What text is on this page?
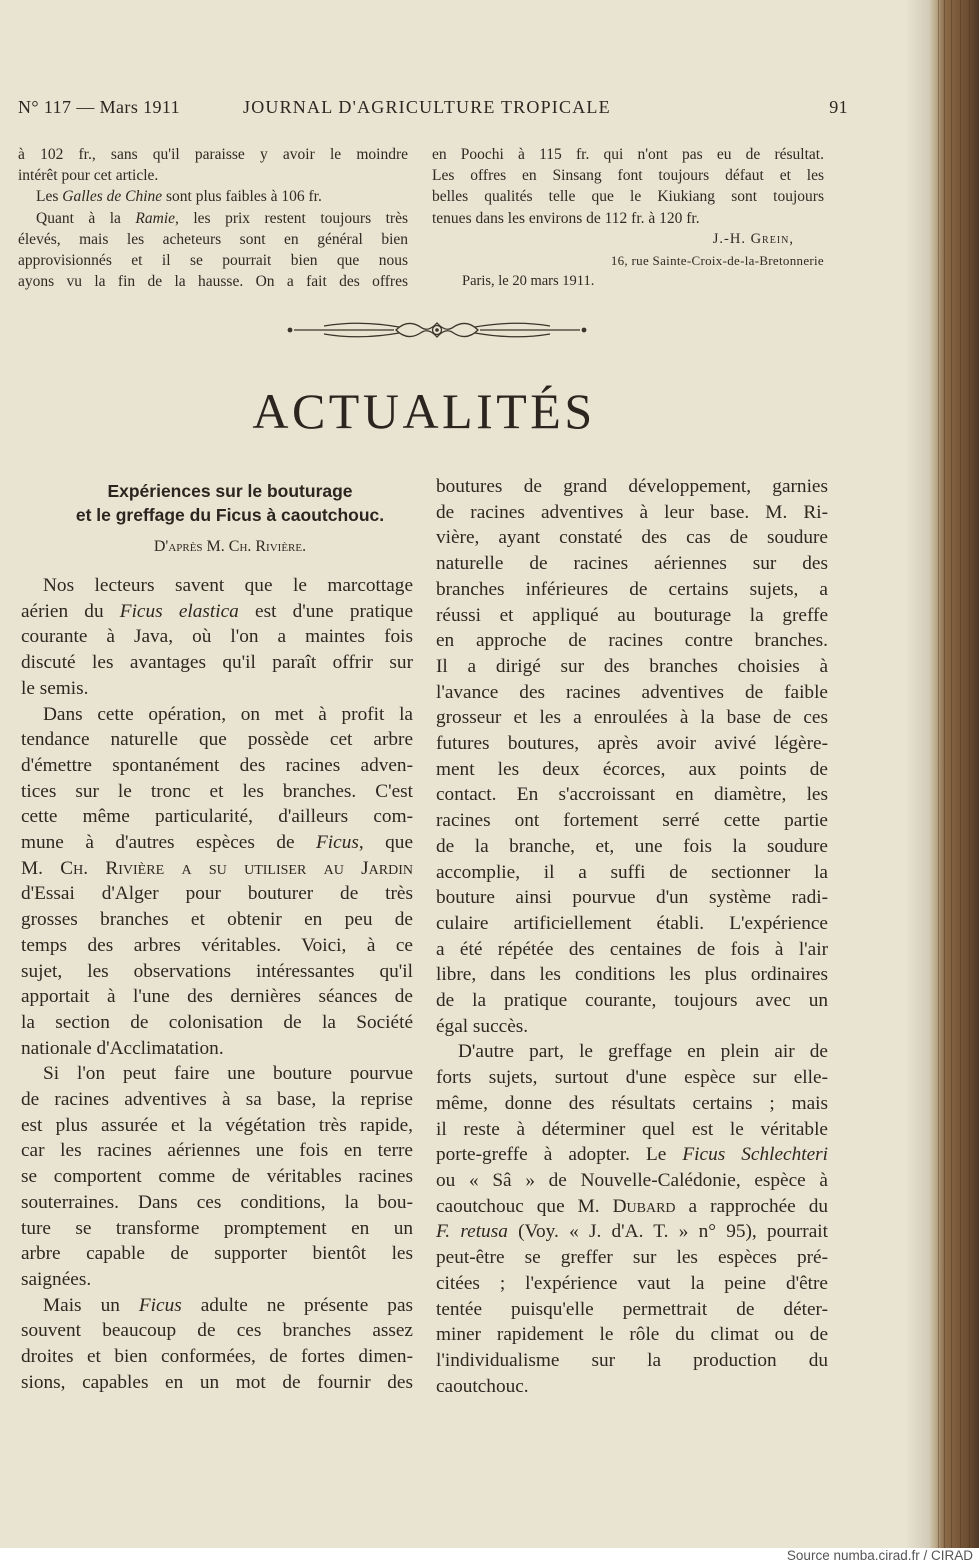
N° 117 — Mars 1911	JOURNAL D'AGRICULTURE TROPICALE	91

à 102 fr., sans qu'il paraisse y avoir le moindre

intérêt pour cet article.

Les Galles de Chine sont plus faibles à 106 fr.

Quant à la Ramie, les prix restent toujours très

élevés, mais les acheteurs sont en général bien

approvisionnés et il se pourrait bien que nous

ayons vu la fin de la hausse. On a fait des offres

en Poochi à 115 fr. qui n'ont pas eu de résultat.

Les offres en Sinsang font toujours défaut et les

belles qualités telle que le Kiukiang sont toujours

tenues dans les environs de 112 fr. à 120 fr.

J.-H. Grein,

16, rue Sainte-Croix-de-la-Bretonnerie

Paris, le 20 mars 1911.

ACTUALITÉS
Expériences sur le bouturage
et le greffage du Ficus à caoutchouc.
D'après M. Ch. Rivière.

Nos lecteurs savent que le marcottage

aérien du Ficus elastica est d'une pratique

courante à Java, où l'on a maintes fois

discuté les avantages qu'il paraît offrir sur

le semis.

Dans cette opération, on met à profit la

tendance naturelle que possède cet arbre

d'émettre spontanément des racines adven-

tices sur le tronc et les branches. C'est

cette même particularité, d'ailleurs com-

mune à d'autres espèces de Ficus, que

M. Ch. Rivière a su utiliser au Jardin

d'Essai d'Alger pour bouturer de très

grosses branches et obtenir en peu de

temps des arbres véritables. Voici, à ce

sujet, les observations intéressantes qu'il

apportait à l'une des dernières séances de

la section de colonisation de la Société

nationale d'Acclimatation.

Si l'on peut faire une bouture pourvue

de racines adventives à sa base, la reprise

est plus assurée et la végétation très rapide,

car les racines aériennes une fois en terre

se comportent comme de véritables racines

souterraines. Dans ces conditions, la bou-

ture se transforme promptement en un

arbre capable de supporter bientôt les

saignées.

Mais un Ficus adulte ne présente pas

souvent beaucoup de ces branches assez

droites et bien conformées, de fortes dimen-

sions, capables en un mot de fournir des

boutures de grand développement, garnies

de racines adventives à leur base. M. Ri-

vière, ayant constaté des cas de soudure

naturelle de racines aériennes sur des

branches inférieures de certains sujets, a

réussi et appliqué au bouturage la greffe

en approche de racines contre branches.

Il a dirigé sur des branches choisies à

l'avance des racines adventives de faible

grosseur et les a enroulées à la base de ces

futures boutures, après avoir avivé légère-

ment les deux écorces, aux points de

contact. En s'accroissant en diamètre, les

racines ont fortement serré cette partie

de la branche, et, une fois la soudure

accomplie, il a suffi de sectionner la

bouture ainsi pourvue d'un système radi-

culaire artificiellement établi. L'expérience

a été répétée des centaines de fois à l'air

libre, dans les conditions les plus ordinaires

de la pratique courante, toujours avec un

égal succès.

D'autre part, le greffage en plein air de

forts sujets, surtout d'une espèce sur elle-

même, donne des résultats certains ; mais

il reste à déterminer quel est le véritable

porte-greffe à adopter. Le Ficus Schlechteri

ou « Sâ » de Nouvelle-Calédonie, espèce à

caoutchouc que M. Dubard a rapprochée du

F. retusa (Voy. « J. d'A. T. » n° 95), pourrait

peut-être se greffer sur les espèces pré-

citées ; l'expérience vaut la peine d'être

tentée puisqu'elle permettrait de déter-

miner rapidement le rôle du climat ou de

l'individualisme sur la production du

caoutchouc.

Source numba.cirad.fr / CIRAD
